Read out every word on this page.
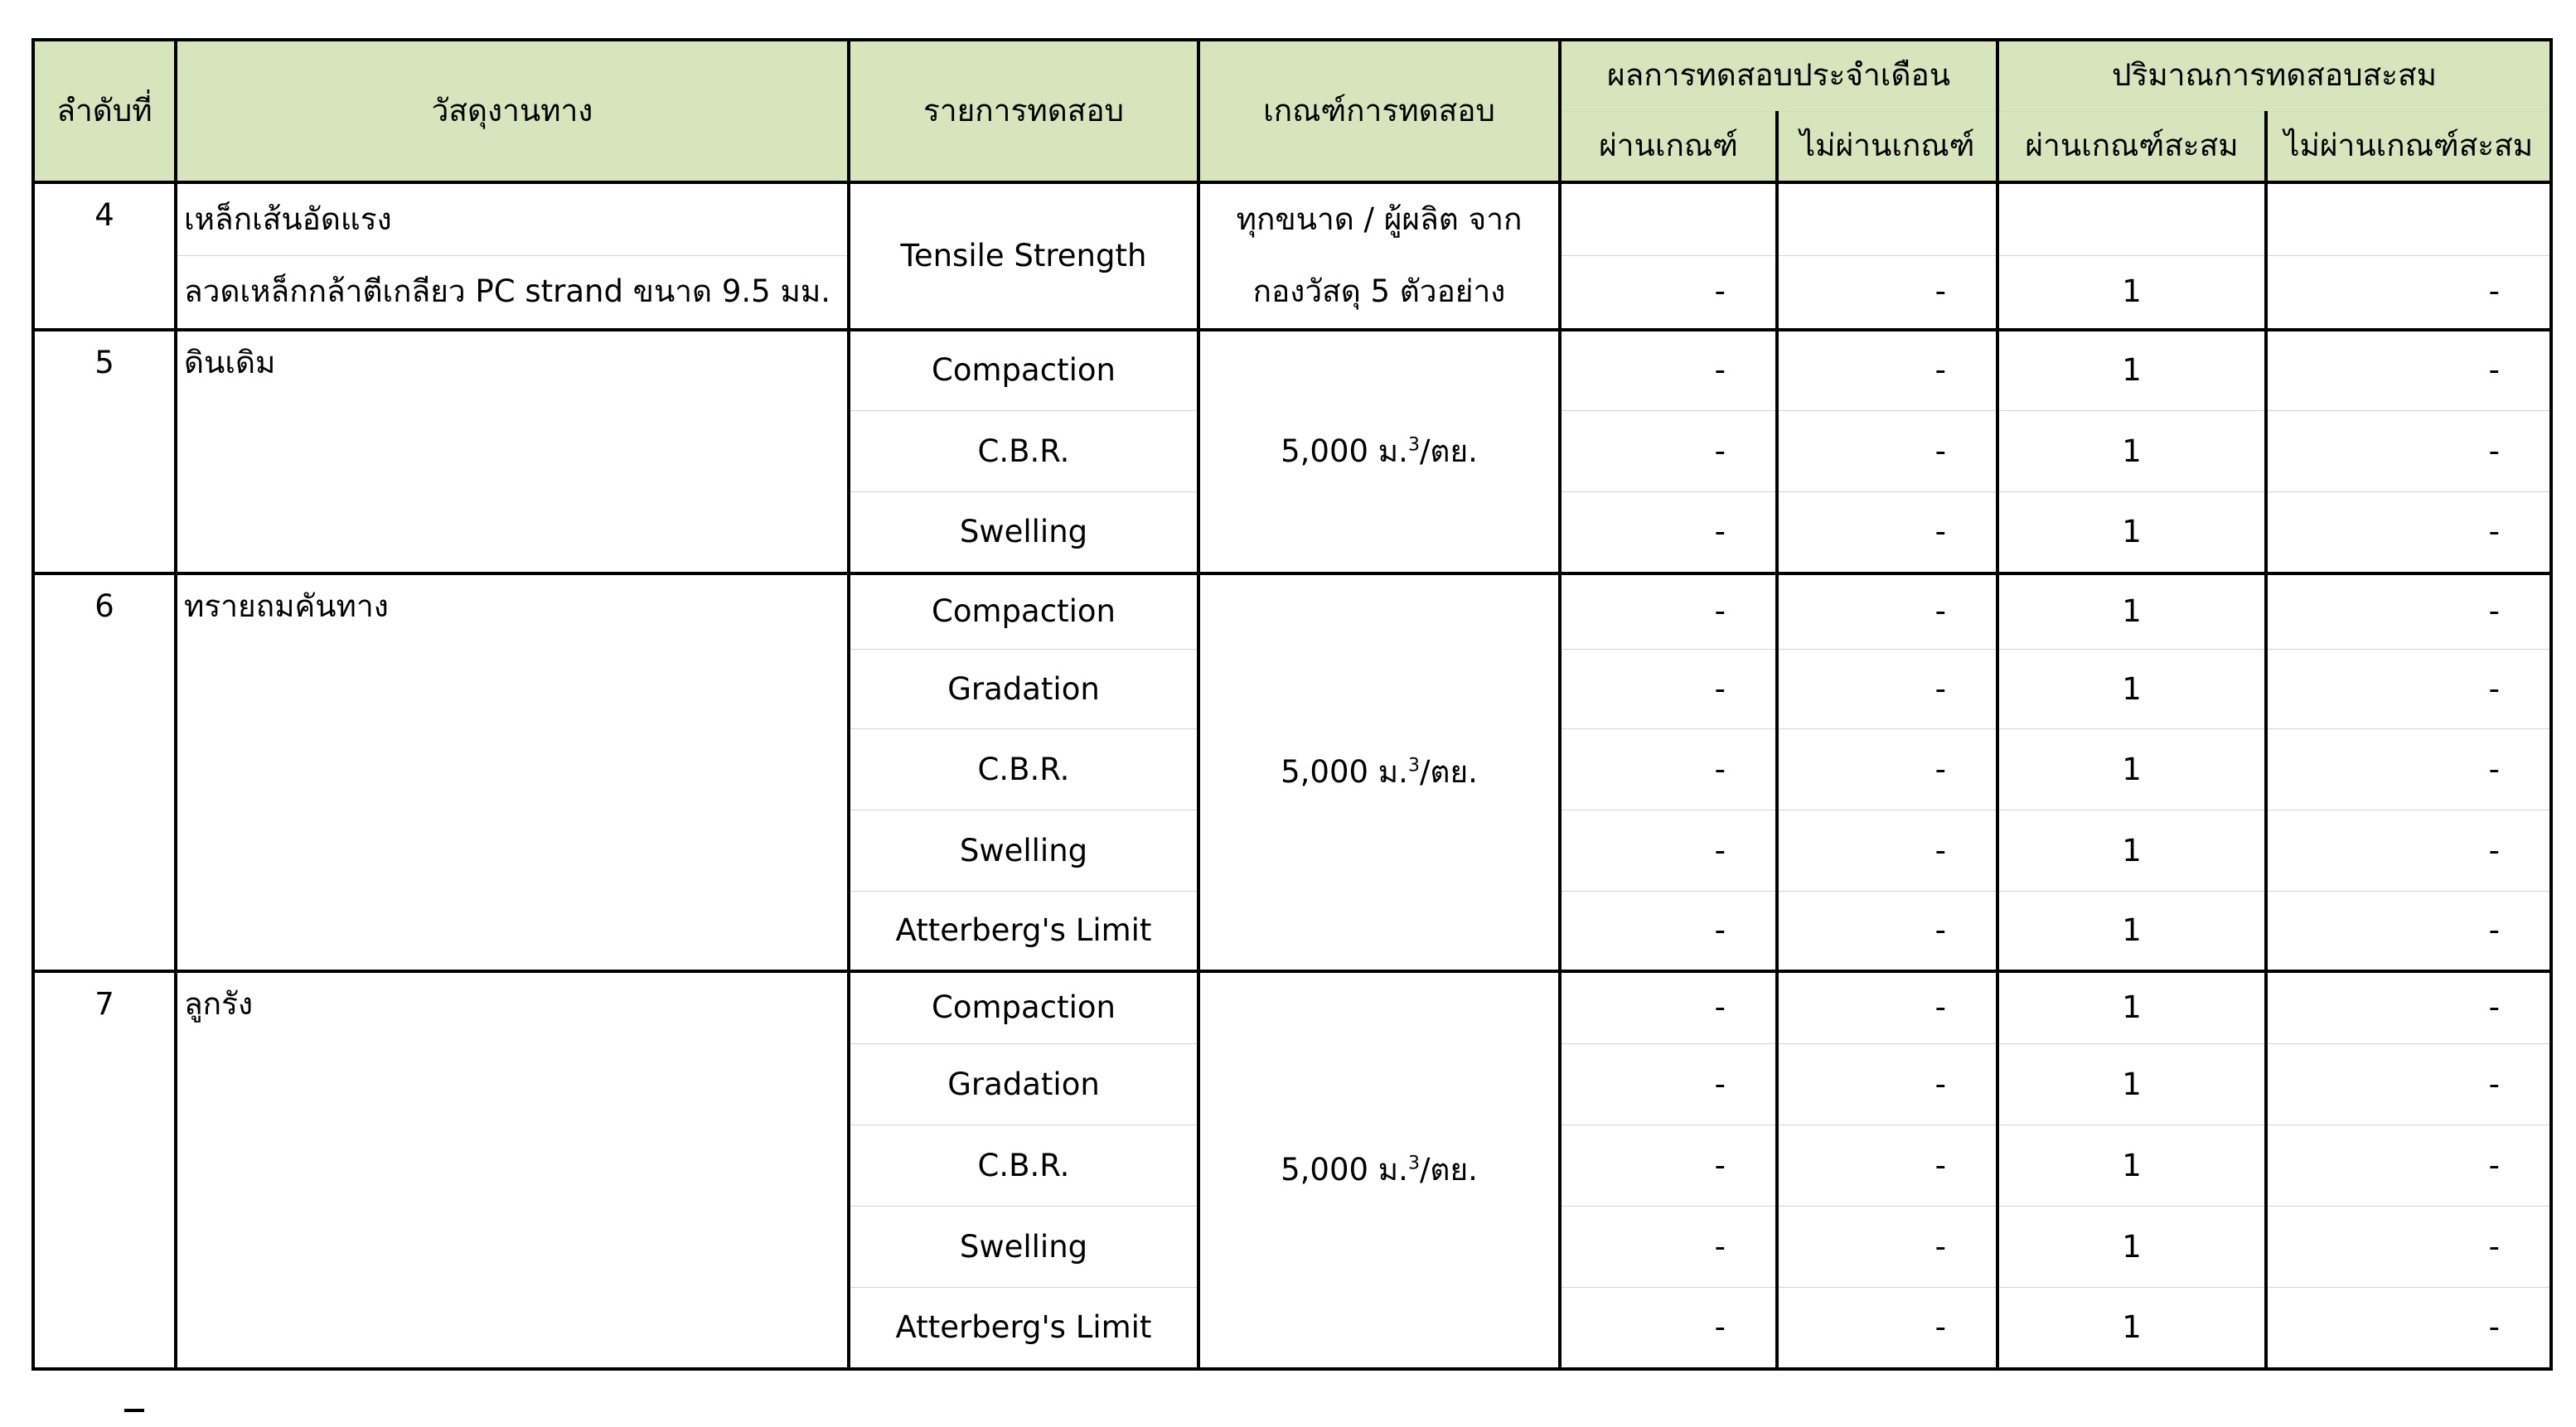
ลำดับที่	วัสดุงานทาง	รายการทดสอบ	เกณฑ์การทดสอบ	ผลการทดสอบประจำเดือน		ปริมาณการทดสอบสะสม	
				ผ่านเกณฑ์	ไม่ผ่านเกณฑ์	ผ่านเกณฑ์สะสม	ไม่ผ่านเกณฑ์สะสม
4	เหล็กเส้นอัดแรง	Tensile Strength	ทุกขนาด / ผู้ผลิต จาก
กองวัสดุ 5 ตัวอย่าง				
	ลวดเหล็กกล้าตีเกลียว PC strand ขนาด 9.5 มม.			-	-	1	-
5	ดินเดิม	Compaction	5,000 ม.$^3$/ตย.	-	-	1	-
		C.B.R.		-	-	1	-
		Swelling		-	-	1	-
6	ทรายถมคันทาง	Compaction	5,000 ม.$^3$/ตย.	-	-	1	-
		Gradation		-	-	1	-
		C.B.R.		-	-	1	-
		Swelling		-	-	1	-
		Atterberg's Limit		-	-	1	-
7	ลูกรัง	Compaction	5,000 ม.$^3$/ตย.	-	-	1	-
		Gradation		-	-	1	-
		C.B.R.		-	-	1	-
		Swelling		-	-	1	-
		Atterberg's Limit		-	-	1	-
